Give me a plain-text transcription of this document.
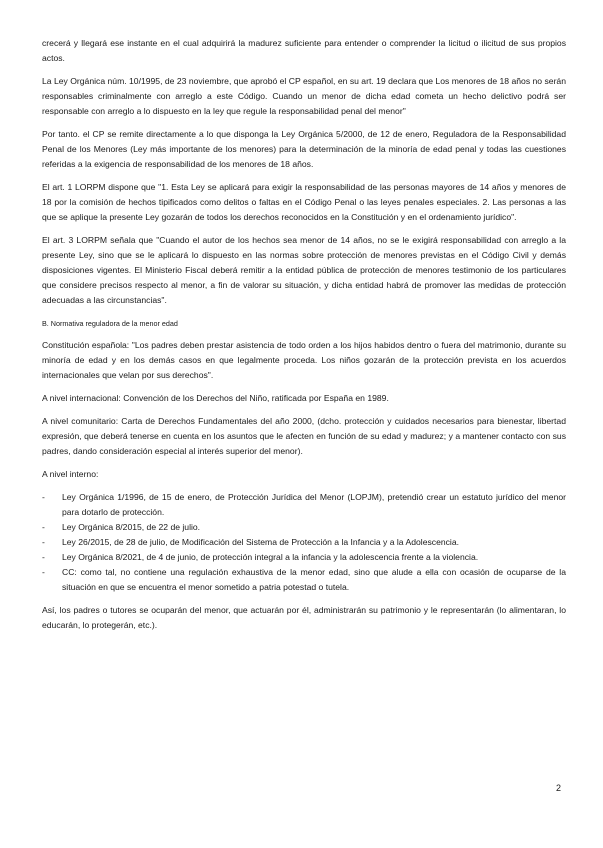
crecerá y llegará ese instante en el cual adquirirá la madurez suficiente para entender o comprender la licitud o ilicitud de sus propios actos.

La Ley Orgánica núm. 10/1995, de 23 noviembre, que aprobó el CP español, en su art. 19 declara que Los menores de 18 años no serán responsables criminalmente con arreglo a este Código. Cuando un menor de dicha edad cometa un hecho delictivo podrá ser responsable con arreglo a lo dispuesto en la ley que regule la responsabilidad penal del menor"

Por tanto. el CP se remite directamente a lo que disponga la Ley Orgánica 5/2000, de 12 de enero, Reguladora de la Responsabilidad Penal de los Menores (Ley más importante de los menores) para la determinación de la minoría de edad penal y todas las cuestiones referidas a la exigencia de responsabilidad de los menores de 18 años.

El art. 1 LORPM dispone que "1. Esta Ley se aplicará para exigir la responsabilidad de las personas mayores de 14 años y menores de 18 por la comisión de hechos tipificados como delitos o faltas en el Código Penal o las leyes penales especiales. 2. Las personas a las que se aplique la presente Ley gozarán de todos los derechos reconocidos en la Constitución y en el ordenamiento jurídico".

El art. 3 LORPM señala que "Cuando el autor de los hechos sea menor de 14 años, no se le exigirá responsabilidad con arreglo a la presente Ley, sino que se le aplicará lo dispuesto en las normas sobre protección de menores previstas en el Código Civil y demás disposiciones vigentes. El Ministerio Fiscal deberá remitir a la entidad pública de protección de menores testimonio de los particulares que considere precisos respecto al menor, a fin de valorar su situación, y dicha entidad habrá de promover las medidas de protección adecuadas a las circunstancias".

B. Normativa reguladora de la menor edad

Constitución española: "Los padres deben prestar asistencia de todo orden a los hijos habidos dentro o fuera del matrimonio, durante su minoría de edad y en los demás casos en que legalmente proceda. Los niños gozarán de la protección prevista en los acuerdos internacionales que velan por sus derechos".

A nivel internacional: Convención de los Derechos del Niño, ratificada por España en 1989.

A nivel comunitario: Carta de Derechos Fundamentales del año 2000, (dcho. protección y cuidados necesarios para bienestar, libertad expresión, que deberá tenerse en cuenta en los asuntos que le afecten en función de su edad y madurez; y a mantener contacto con sus padres, dando consideración especial al interés superior del menor).

A nivel interno:

- Ley Orgánica 1/1996, de 15 de enero, de Protección Jurídica del Menor (LOPJM), pretendió crear un estatuto jurídico del menor para dotarlo de protección.
- Ley Orgánica 8/2015, de 22 de julio.
- Ley 26/2015, de 28 de julio, de Modificación del Sistema de Protección a la Infancia y a la Adolescencia.
- Ley Orgánica 8/2021, de 4 de junio, de protección integral a la infancia y la adolescencia frente a la violencia.
- CC: como tal, no contiene una regulación exhaustiva de la menor edad, sino que alude a ella con ocasión de ocuparse de la situación en que se encuentra el menor sometido a patria potestad o tutela.

Así, los padres o tutores se ocuparán del menor, que actuarán por él, administrarán su patrimonio y le representarán (lo alimentaran, lo educarán, lo protegerán, etc.).

2
